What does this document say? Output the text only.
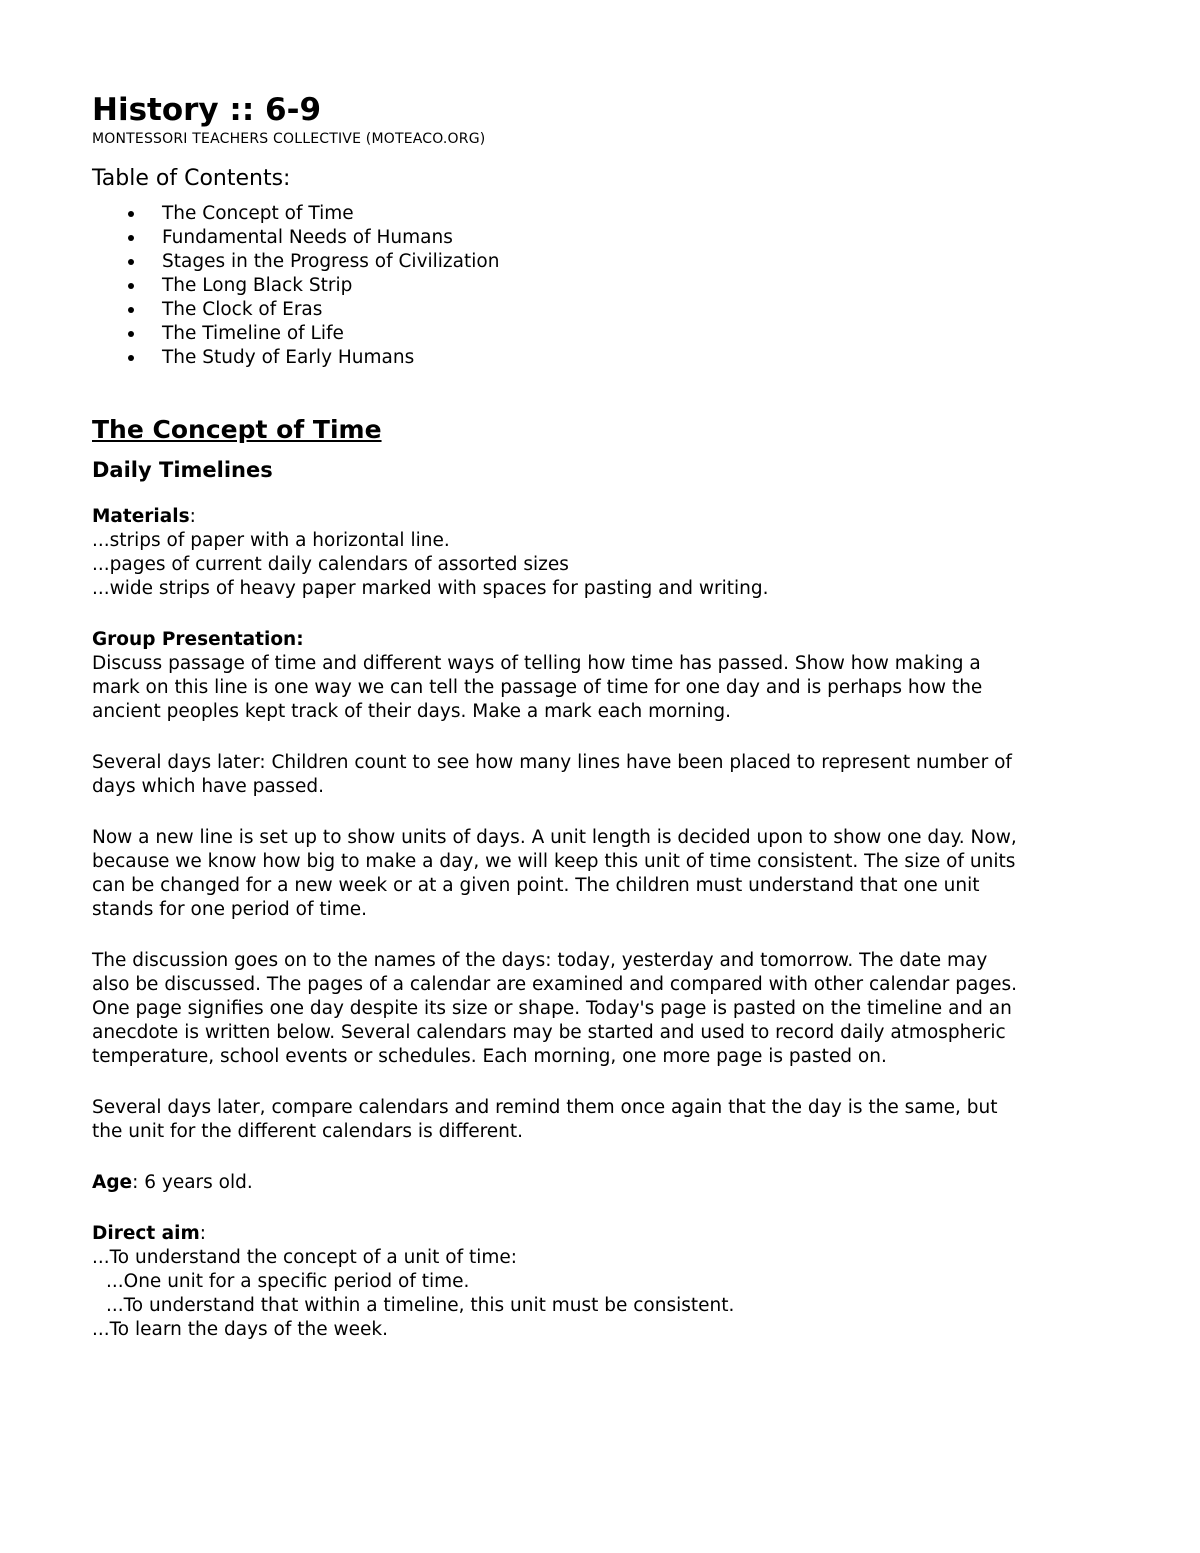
History :: 6-9
MONTESSORI TEACHERS COLLECTIVE (MOTEACO.ORG)
Table of Contents:
The Concept of Time
Fundamental Needs of Humans
Stages in the Progress of Civilization
The Long Black Strip
The Clock of Eras
The Timeline of Life
The Study of Early Humans
The Concept of Time
Daily Timelines
Materials:
...strips of paper with a horizontal line.
...pages of current daily calendars of assorted sizes
...wide strips of heavy paper marked with spaces for pasting and writing.
Group Presentation:
Discuss passage of time and different ways of telling how time has passed. Show how making a
mark on this line is one way we can tell the passage of time for one day and is perhaps how the
ancient peoples kept track of their days. Make a mark each morning.
Several days later: Children count to see how many lines have been placed to represent number of
days which have passed.
Now a new line is set up to show units of days. A unit length is decided upon to show one day. Now,
because we know how big to make a day, we will keep this unit of time consistent. The size of units
can be changed for a new week or at a given point. The children must understand that one unit
stands for one period of time.
The discussion goes on to the names of the days: today, yesterday and tomorrow. The date may
also be discussed. The pages of a calendar are examined and compared with other calendar pages.
One page signifies one day despite its size or shape. Today's page is pasted on the timeline and an
anecdote is written below. Several calendars may be started and used to record daily atmospheric
temperature, school events or schedules. Each morning, one more page is pasted on.
Several days later, compare calendars and remind them once again that the day is the same, but
the unit for the different calendars is different.
Age: 6 years old.
Direct aim:
...To understand the concept of a unit of time:
...One unit for a specific period of time.
...To understand that within a timeline, this unit must be consistent.
...To learn the days of the week.
